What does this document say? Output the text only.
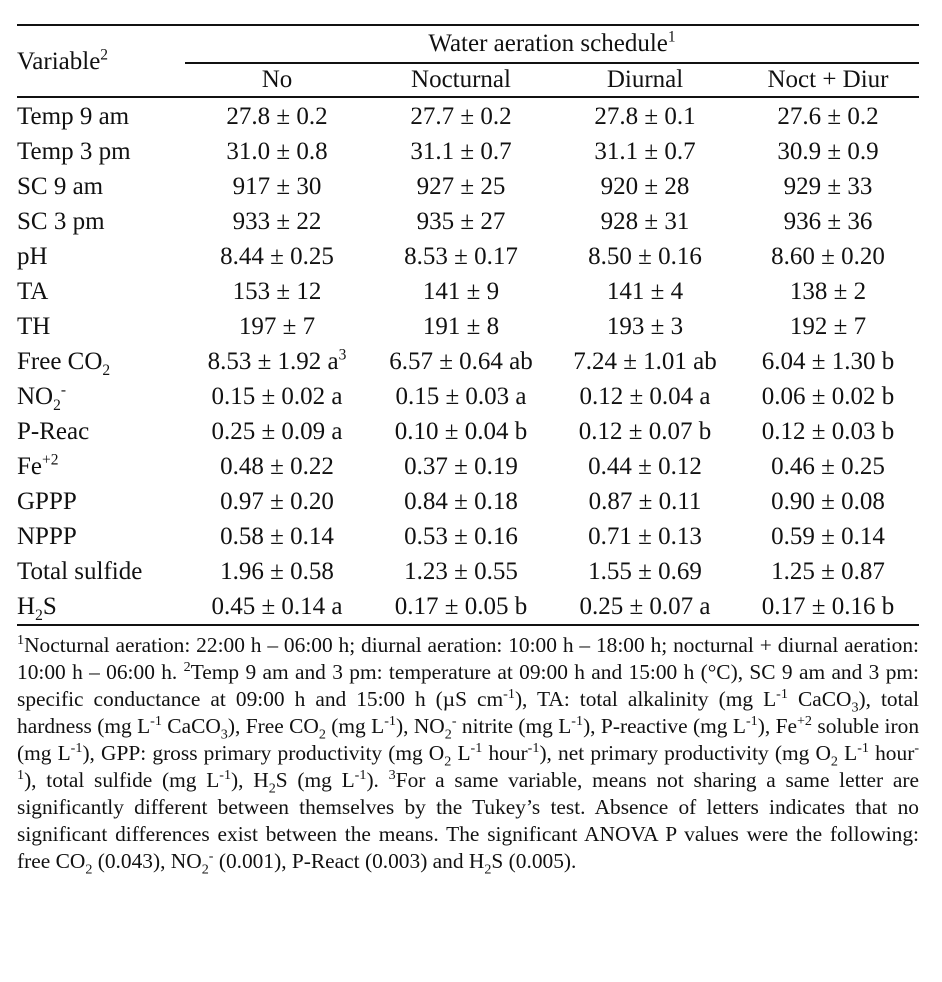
Variable$^2$	Water aeration schedule$^1$
	No	Nocturnal	Diurnal	Noct + Diur
Temp 9 am	27.8 ± 0.2	27.7 ± 0.2	27.8 ± 0.1	27.6 ± 0.2
Temp 3 pm	31.0 ± 0.8	31.1 ± 0.7	31.1 ± 0.7	30.9 ± 0.9
SC 9 am	917 ± 30	927 ± 25	920 ± 28	929 ± 33
SC 3 pm	933 ± 22	935 ± 27	928 ± 31	936 ± 36
pH	8.44 ± 0.25	8.53 ± 0.17	8.50 ± 0.16	8.60 ± 0.20
TA	153 ± 12	141 ± 9	141 ± 4	138 ± 2
TH	197 ± 7	191 ± 8	193 ± 3	192 ± 7
Free $CO_2$	8.53 ± 1.92 $a^3$	6.57 ± 0.64 ab	7.24 ± 1.01 ab	6.04 ± 1.30 b
$NO_2^-$	0.15 ± 0.02 a	0.15 ± 0.03 a	0.12 ± 0.04 a	0.06 ± 0.02 b
P-Reac	0.25 ± 0.09 a	0.10 ± 0.04 b	0.12 ± 0.07 b	0.12 ± 0.03 b
$Fe^{+2}$	0.48 ± 0.22	0.37 ± 0.19	0.44 ± 0.12	0.46 ± 0.25
GPPP	0.97 ± 0.20	0.84 ± 0.18	0.87 ± 0.11	0.90 ± 0.08
NPPP	0.58 ± 0.14	0.53 ± 0.16	0.71 ± 0.13	0.59 ± 0.14
Total sulfide	1.96 ± 0.58	1.23 ± 0.55	1.55 ± 0.69	1.25 ± 0.87
$H_2S$	0.45 ± 0.14 a	0.17 ± 0.05 b	0.25 ± 0.07 a	0.17 ± 0.16 b
$^1$Nocturnal aeration: 22:00 h – 06:00 h; diurnal aeration: 10:00 h – 18:00 h; nocturnal + diurnal aeration: 10:00 h – 06:00 h. $^2$Temp 9 am and 3 pm: temperature at 09:00 h and 15:00 h (°C), SC 9 am and 3 pm: specific conductance at 09:00 h and 15:00 h (µS $cm^{-1}$), TA: total alkalinity (mg $L^{-1}$ CaCO$_3$), total hardness (mg $L^{-1}$ CaCO$_3$), Free $CO_2$ (mg $L^{-1}$), $NO_2^-$ nitrite (mg $L^{-1}$), P-reactive (mg $L^{-1}$), $Fe^{+2}$ soluble iron (mg $L^{-1}$), GPP: gross primary productivity (mg $O_2$ $L^{-1}$ hour$^{-1}$), net primary productivity (mg $O_2$ $L^{-1}$ hour$^{-1}$), total sulfide (mg $L^{-1}$), $H_2S$ (mg $L^{-1}$). $^3$For a same variable, means not sharing a same letter are significantly different between themselves by the Tukey’s test. Absence of letters indicates that no significant differences exist between the means. The significant ANOVA P values were the following: free $CO_2$ (0.043), $NO_2^-$ (0.001), P-React (0.003) and $H_2S$ (0.005).
